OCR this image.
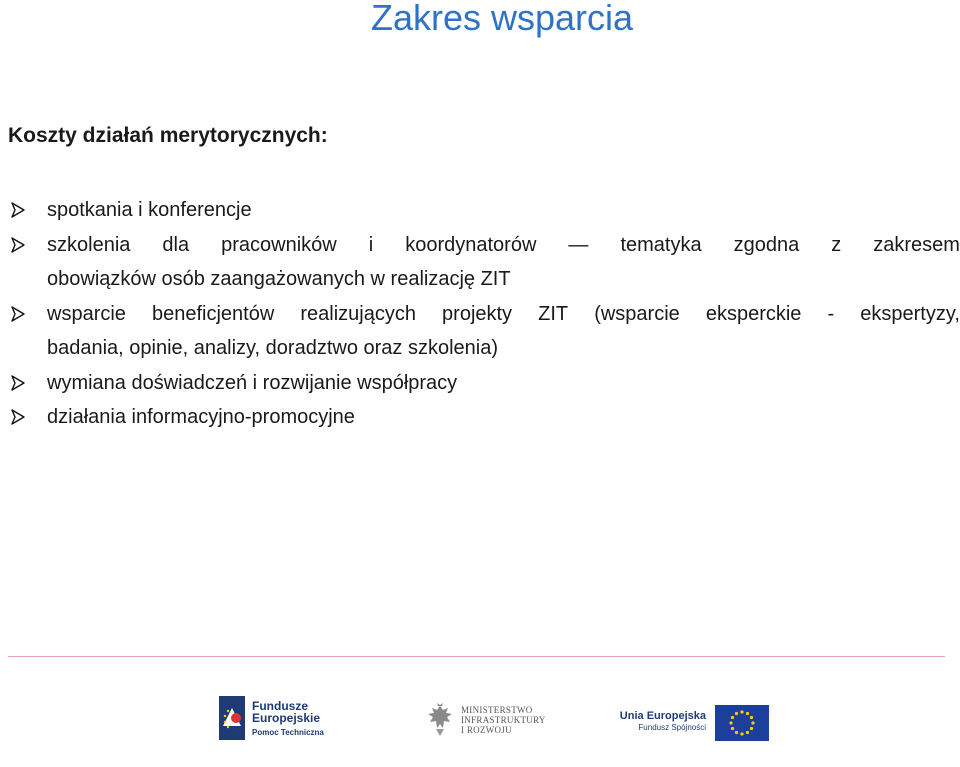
Zakres wsparcia
Koszty działań merytorycznych:
spotkania i konferencje
szkolenia dla pracowników i koordynatorów — tematyka zgodna z zakresem
obowiązków osób zaangażowanych w realizację ZIT
wsparcie beneficjentów realizujących projekty ZIT (wsparcie eksperckie - ekspertyzy,
badania, opinie, analizy, doradztwo oraz szkolenia)
wymiana doświadczeń i rozwijanie współpracy
działania informacyjno-promocyjne
Fundusze
Europejskie
Pomoc Techniczna
MINISTERSTWO
INFRASTRUKTURY
I ROZWOJU
Unia Europejska
Fundusz Spójności
